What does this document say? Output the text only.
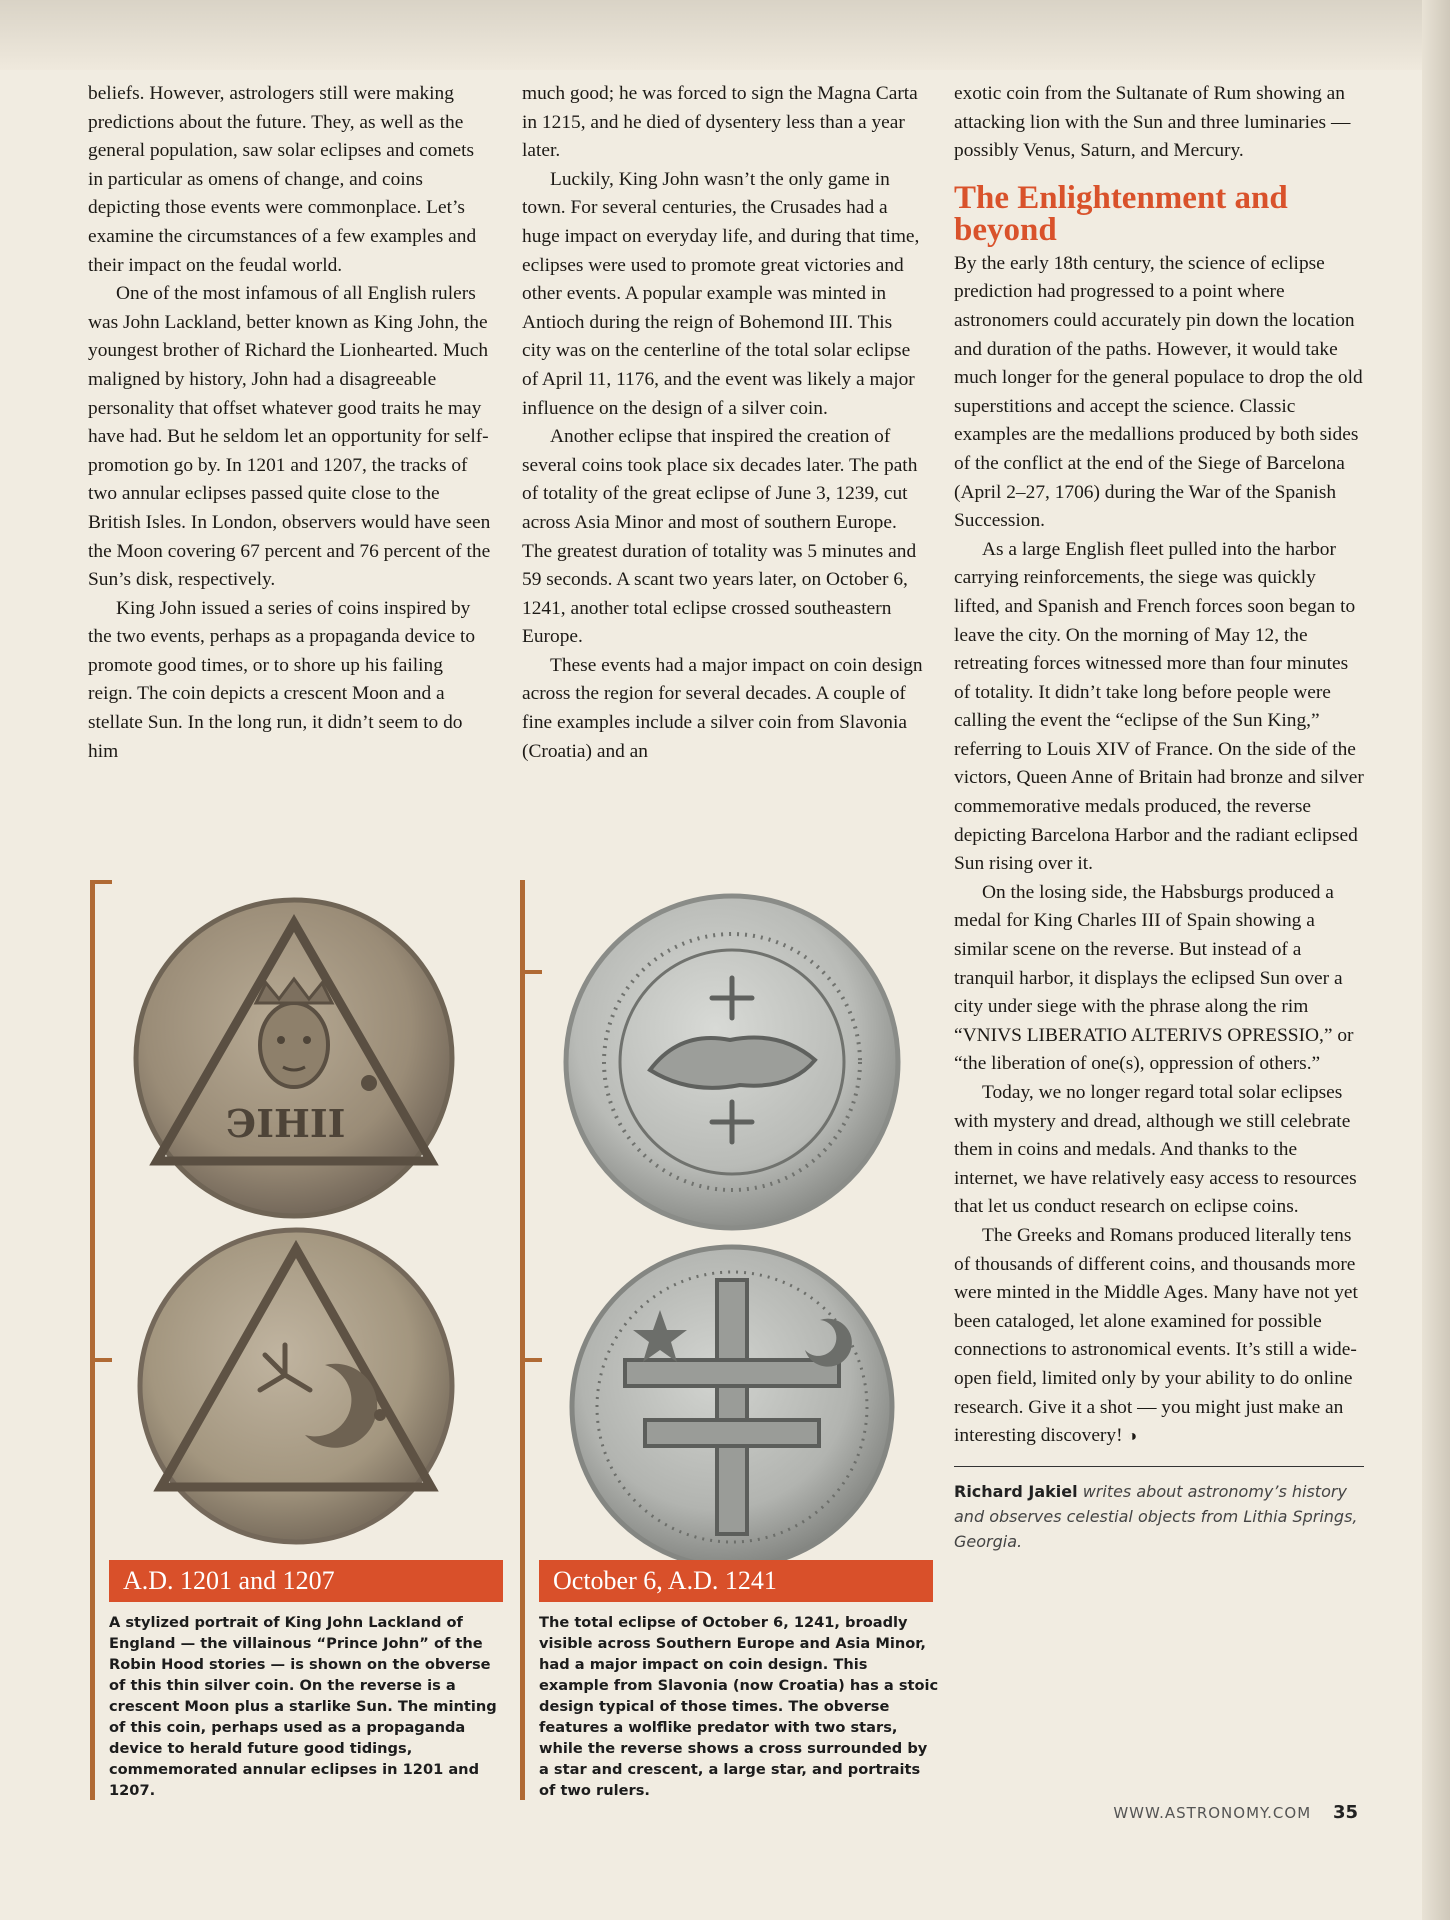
beliefs. However, astrologers still were making predictions about the future. They, as well as the general population, saw solar eclipses and comets in particular as omens of change, and coins depicting those events were commonplace. Let’s examine the circumstances of a few examples and their impact on the feudal world.

One of the most infamous of all English rulers was John Lackland, better known as King John, the youngest brother of Richard the Lionhearted. Much maligned by history, John had a disagreeable personality that offset whatever good traits he may have had. But he seldom let an opportunity for self-promotion go by. In 1201 and 1207, the tracks of two annular eclipses passed quite close to the British Isles. In London, observers would have seen the Moon covering 67 percent and 76 percent of the Sun’s disk, respectively.

King John issued a series of coins inspired by the two events, perhaps as a propaganda device to promote good times, or to shore up his failing reign. The coin depicts a crescent Moon and a stellate Sun. In the long run, it didn’t seem to do him

much good; he was forced to sign the Magna Carta in 1215, and he died of dysentery less than a year later.

Luckily, King John wasn’t the only game in town. For several centuries, the Crusades had a huge impact on everyday life, and during that time, eclipses were used to promote great victories and other events. A popular example was minted in Antioch during the reign of Bohemond III. This city was on the centerline of the total solar eclipse of April 11, 1176, and the event was likely a major influence on the design of a silver coin.

Another eclipse that inspired the creation of several coins took place six decades later. The path of totality of the great eclipse of June 3, 1239, cut across Asia Minor and most of southern Europe. The greatest duration of totality was 5 minutes and 59 seconds. A scant two years later, on October 6, 1241, another total eclipse crossed southeastern Europe.

These events had a major impact on coin design across the region for several decades. A couple of fine examples include a silver coin from Slavonia (Croatia) and an

exotic coin from the Sultanate of Rum showing an attacking lion with the Sun and three luminaries — possibly Venus, Saturn, and Mercury.

The Enlightenment and beyond

By the early 18th century, the science of eclipse prediction had progressed to a point where astronomers could accurately pin down the location and duration of the paths. However, it would take much longer for the general populace to drop the old superstitions and accept the science. Classic examples are the medallions produced by both sides of the conflict at the end of the Siege of Barcelona (April 2–27, 1706) during the War of the Spanish Succession.

As a large English fleet pulled into the harbor carrying reinforcements, the siege was quickly lifted, and Spanish and French forces soon began to leave the city. On the morning of May 12, the retreating forces witnessed more than four minutes of totality. It didn’t take long before people were calling the event the “eclipse of the Sun King,” referring to Louis XIV of France. On the side of the victors, Queen Anne of Britain had bronze and silver commemorative medals produced, the reverse depicting Barcelona Harbor and the radiant eclipsed Sun rising over it.

On the losing side, the Habsburgs produced a medal for King Charles III of Spain showing a similar scene on the reverse. But instead of a tranquil harbor, it displays the eclipsed Sun over a city under siege with the phrase along the rim “VNIVS LIBERATIO ALTERIVS OPRESSIO,” or “the liberation of one(s), oppression of others.”

Today, we no longer regard total solar eclipses with mystery and dread, although we still celebrate them in coins and medals. And thanks to the internet, we have relatively easy access to resources that let us conduct research on eclipse coins.

The Greeks and Romans produced literally tens of thousands of different coins, and thousands more were minted in the Middle Ages. Many have not yet been cataloged, let alone examined for possible connections to astronomical events. It’s still a wide-open field, limited only by your ability to do online research. Give it a shot — you might just make an interesting discovery! ◑

Richard Jakiel writes about astronomy’s history and observes celestial objects from Lithia Springs, Georgia.
ЭIHII
A.D. 1201 and 1207
A stylized portrait of King John Lackland of England — the villainous “Prince John” of the Robin Hood stories — is shown on the obverse of this thin silver coin. On the reverse is a crescent Moon plus a starlike Sun. The minting of this coin, perhaps used as a propaganda device to herald future good tidings, commemorated annular eclipses in 1201 and 1207.
October 6, A.D. 1241
The total eclipse of October 6, 1241, broadly visible across Southern Europe and Asia Minor, had a major impact on coin design. This example from Slavonia (now Croatia) has a stoic design typical of those times. The obverse features a wolflike predator with two stars, while the reverse shows a cross surrounded by a star and crescent, a large star, and portraits of two rulers.
WWW.ASTRONOMY.COM 35
